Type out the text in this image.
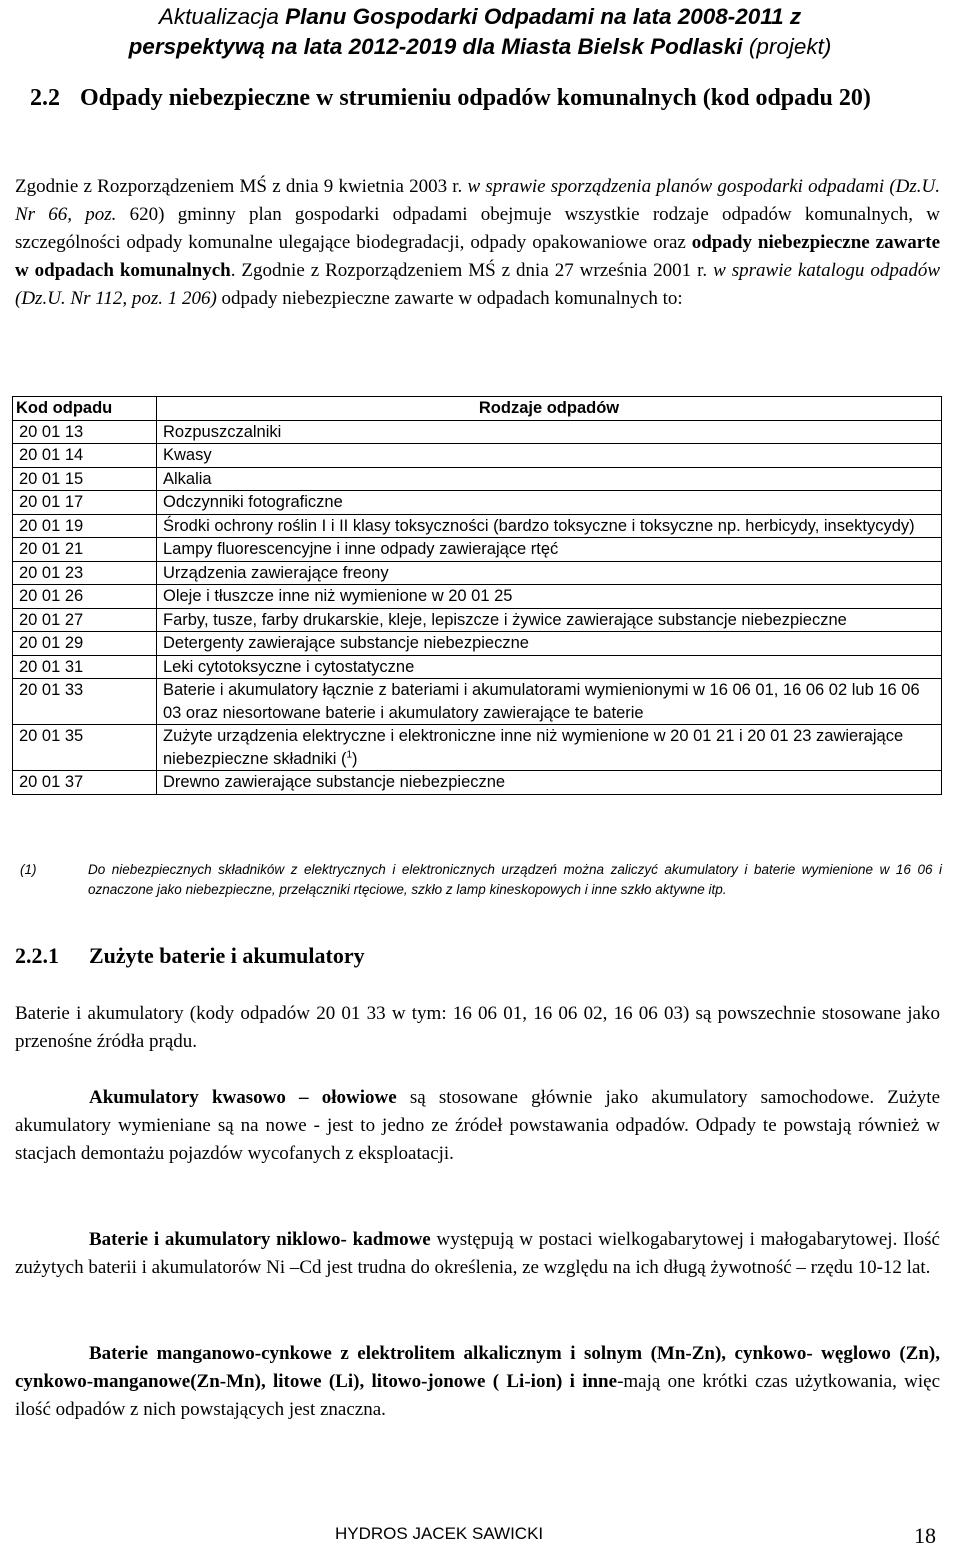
Aktualizacja Planu Gospodarki Odpadami na lata 2008-2011 z
perspektywą na lata 2012-2019 dla Miasta Bielsk Podlaski (projekt)
2.2 Odpady niebezpieczne w strumieniu odpadów komunalnych (kod odpadu 20)
Zgodnie z Rozporządzeniem MŚ z dnia 9 kwietnia 2003 r. w sprawie sporządzenia planów gospodarki odpadami (Dz.U. Nr 66, poz. 620) gminny plan gospodarki odpadami obejmuje wszystkie rodzaje odpadów komunalnych, w szczególności odpady komunalne ulegające biodegradacji, odpady opakowaniowe oraz odpady niebezpieczne zawarte w odpadach komunalnych. Zgodnie z Rozporządzeniem MŚ z dnia 27 września 2001 r. w sprawie katalogu odpadów (Dz.U. Nr 112, poz. 1 206) odpady niebezpieczne zawarte w odpadach komunalnych to:
Kod odpadu	Rodzaje odpadów
20 01 13	Rozpuszczalniki
20 01 14	Kwasy
20 01 15	Alkalia
20 01 17	Odczynniki fotograficzne
20 01 19	Środki ochrony roślin I i II klasy toksyczności (bardzo toksyczne i toksyczne np. herbicydy, insektycydy)
20 01 21	Lampy fluorescencyjne i inne odpady zawierające rtęć
20 01 23	Urządzenia zawierające freony
20 01 26	Oleje i tłuszcze inne niż wymienione w 20 01 25
20 01 27	Farby, tusze, farby drukarskie, kleje, lepiszcze i żywice zawierające substancje niebezpieczne
20 01 29	Detergenty zawierające substancje niebezpieczne
20 01 31	Leki cytotoksyczne i cytostatyczne
20 01 33	Baterie i akumulatory łącznie z bateriami i akumulatorami wymienionymi w 16 06 01, 16 06 02 lub 16 06 03 oraz niesortowane baterie i akumulatory zawierające te baterie
20 01 35	Zużyte urządzenia elektryczne i elektroniczne inne niż wymienione w 20 01 21 i 20 01 23 zawierające niebezpieczne składniki ($^1$)
20 01 37	Drewno zawierające substancje niebezpieczne
(1)	Do niebezpiecznych składników z elektrycznych i elektronicznych urządzeń można zaliczyć akumulatory i baterie wymienione w 16 06 i oznaczone jako niebezpieczne, przełączniki rtęciowe, szkło z lamp kineskopowych i inne szkło aktywne itp.
2.2.1 Zużyte baterie i akumulatory
Baterie i akumulatory (kody odpadów 20 01 33 w tym: 16 06 01, 16 06 02, 16 06 03) są powszechnie stosowane jako przenośne źródła prądu.
Akumulatory kwasowo – ołowiowe są stosowane głównie jako akumulatory samochodowe. Zużyte akumulatory wymieniane są na nowe - jest to jedno ze źródeł powstawania odpadów. Odpady te powstają również w stacjach demontażu pojazdów wycofanych z eksploatacji.
Baterie i akumulatory niklowo- kadmowe występują w postaci wielkogabarytowej i małogabarytowej. Ilość zużytych baterii i akumulatorów Ni –Cd jest trudna do określenia, ze względu na ich długą żywotność – rzędu 10-12 lat.
Baterie manganowo-cynkowe z elektrolitem alkalicznym i solnym (Mn-Zn), cynkowo- węglowo (Zn), cynkowo-manganowe(Zn-Mn), litowe (Li), litowo-jonowe ( Li-ion) i inne-mają one krótki czas użytkowania, więc ilość odpadów z nich powstających jest znaczna.
HYDROS JACEK SAWICKI	18
